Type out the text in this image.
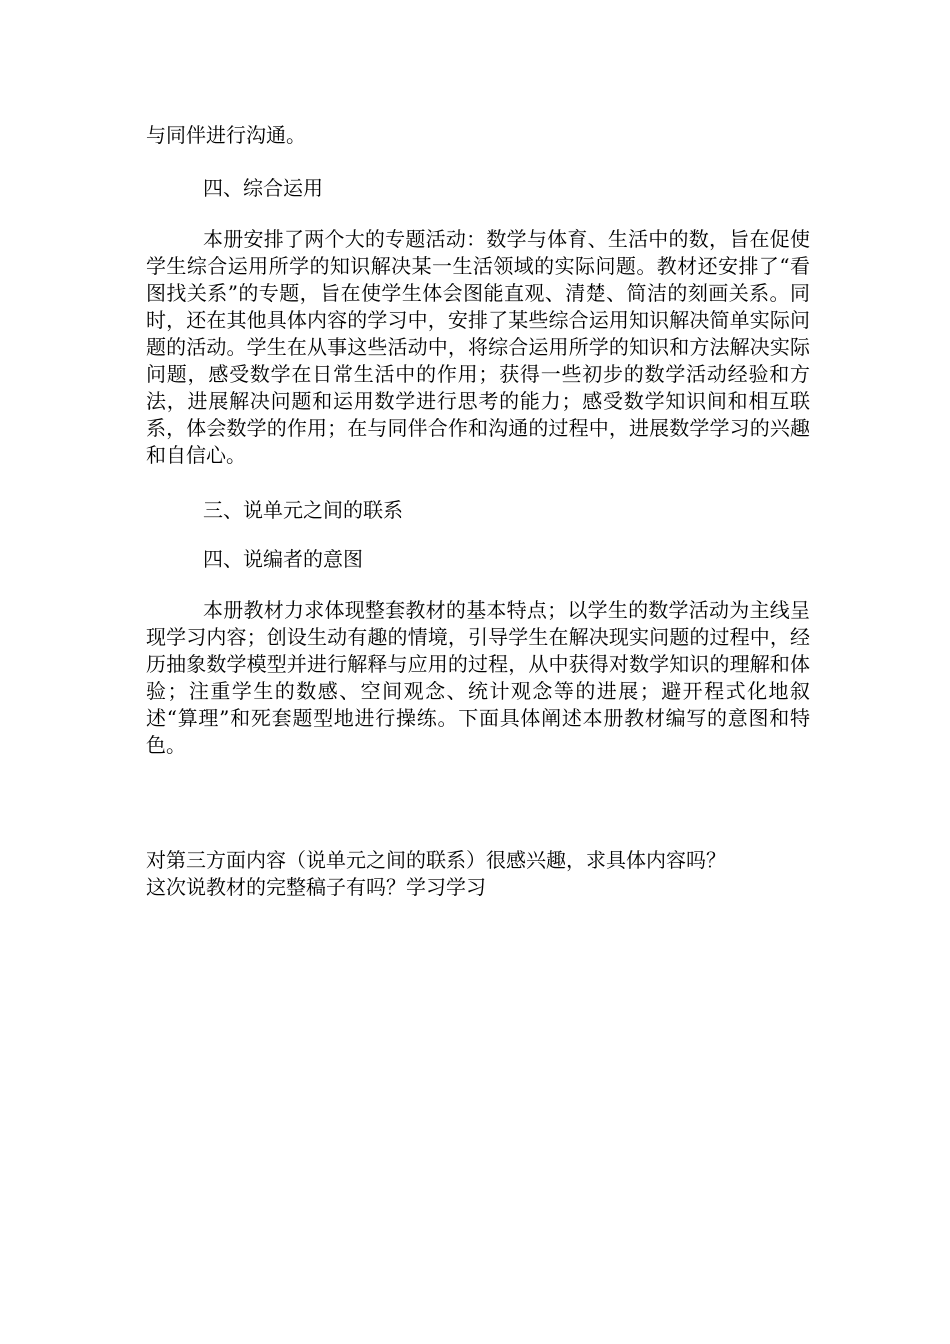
与同伴进行沟通。
四、综合运用
本册安排了两个大的专题活动：数学与体育、生活中的数，旨在促使学生综合运用所学的知识解决某一生活领域的实际问题。教材还安排了“看图找关系”的专题，旨在使学生体会图能直观、清楚、简洁的刻画关系。同时，还在其他具体内容的学习中，安排了某些综合运用知识解决简单实际问题的活动。学生在从事这些活动中，将综合运用所学的知识和方法解决实际问题，感受数学在日常生活中的作用；获得一些初步的数学活动经验和方法，进展解决问题和运用数学进行思考的能力；感受数学知识间和相互联系，体会数学的作用；在与同伴合作和沟通的过程中，进展数学学习的兴趣和自信心。
三、说单元之间的联系
四、说编者的意图
本册教材力求体现整套教材的基本特点；以学生的数学活动为主线呈现学习内容；创设生动有趣的情境，引导学生在解决现实问题的过程中，经历抽象数学模型并进行解释与应用的过程，从中获得对数学知识的理解和体验；注重学生的数感、空间观念、统计观念等的进展；避开程式化地叙述“算理”和死套题型地进行操练。下面具体阐述本册教材编写的意图和特色。
对第三方面内容（说单元之间的联系）很感兴趣，求具体内容吗？
这次说教材的完整稿子有吗？学习学习
